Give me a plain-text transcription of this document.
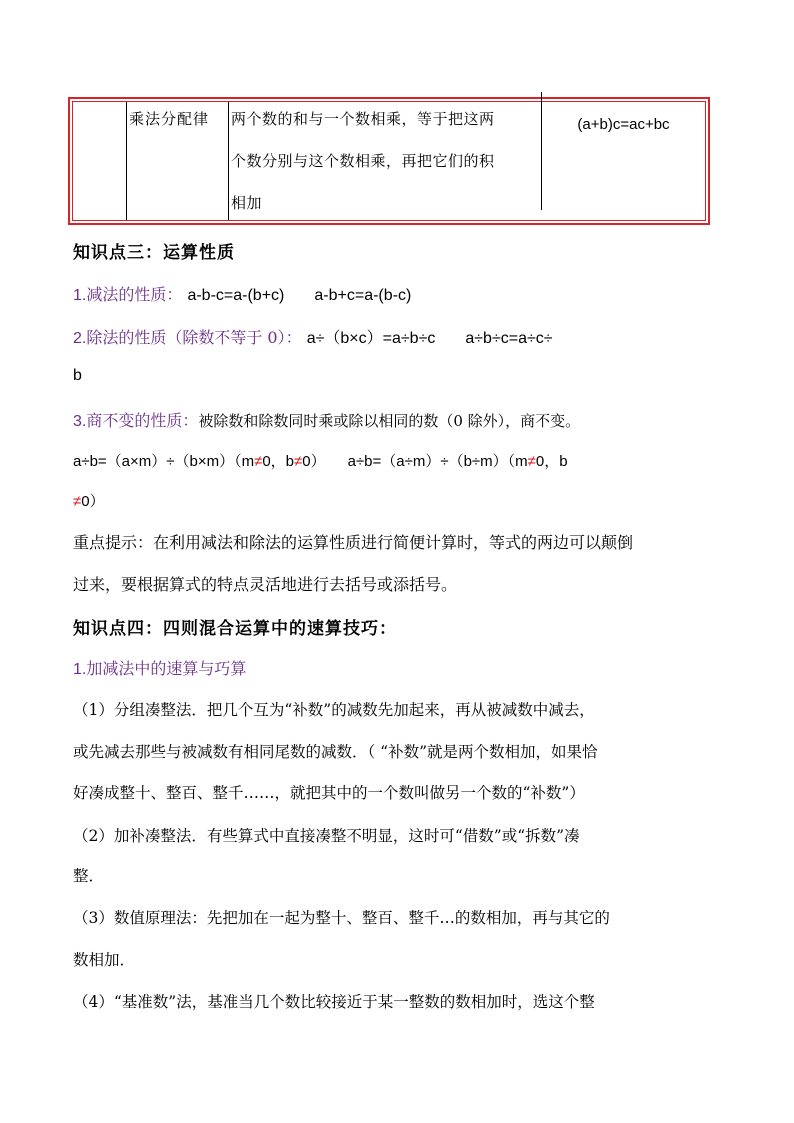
乘法分配律	两个数的和与一个数相乘，等于把这两
个数分别与这个数相乘，再把它们的积
相加
(a+b)c=ac+bc
知识点三：运算性质
1.减法的性质： a-b-c=a-(b+c) a-b+c=a-(b-c)
2.除法的性质（除数不等于 0）： a÷（b×c）=a÷b÷c a÷b÷c=a÷c÷
b
3.商不变的性质：被除数和除数同时乘或除以相同的数（0 除外），商不变。
a÷b=（a×m）÷（b×m）（m≠0，b≠0） a÷b=（a÷m）÷（b÷m）（m≠0，b
≠0）
重点提示：在利用减法和除法的运算性质进行简便计算时，等式的两边可以颠倒
过来，要根据算式的特点灵活地进行去括号或添括号。
知识点四：四则混合运算中的速算技巧：
1.加减法中的速算与巧算
（1）分组凑整法．把几个互为“补数”的减数先加起来，再从被减数中减去，
或先减去那些与被减数有相同尾数的减数．（ “补数”就是两个数相加，如果恰
好凑成整十、整百、整千……，就把其中的一个数叫做另一个数的“补数”）
（2）加补凑整法．有些算式中直接凑整不明显，这时可“借数”或“拆数”凑
整．
（3）数值原理法：先把加在一起为整十、整百、整千…的数相加，再与其它的
数相加．
（4）“基准数”法，基准当几个数比较接近于某一整数的数相加时，选这个整
